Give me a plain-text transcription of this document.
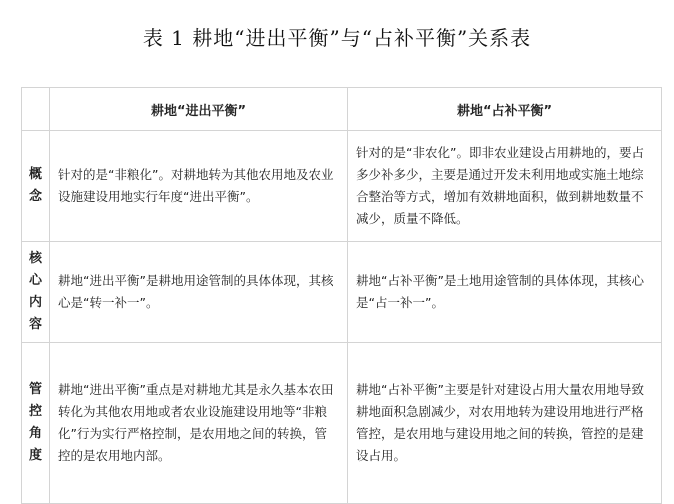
表 1 耕地“进出平衡”与“占补平衡”关系表
	耕地“进出平衡”	耕地“占补平衡”

概念	针对的是“非粮化”。对耕地转为其他农用地及农业设施建设用地实行年度“进出平衡”。	针对的是“非农化”。即非农业建设占用耕地的，要占多少补多少，主要是通过开发未利用地或实施土地综合整治等方式，增加有效耕地面积，做到耕地数量不减少，质量不降低。

核心内容	耕地“进出平衡”是耕地用途管制的具体体现，其核心是“转一补一”。	耕地“占补平衡”是土地用途管制的具体体现，其核心是“占一补一”。

管控角度	耕地“进出平衡”重点是对耕地尤其是永久基本农田转化为其他农用地或者农业设施建设用地等“非粮化”行为实行严格控制，是农用地之间的转换，管控的是农用地内部。	耕地“占补平衡”主要是针对建设占用大量农用地导致耕地面积急剧减少，对农用地转为建设用地进行严格管控，是农用地与建设用地之间的转换，管控的是建设占用。
